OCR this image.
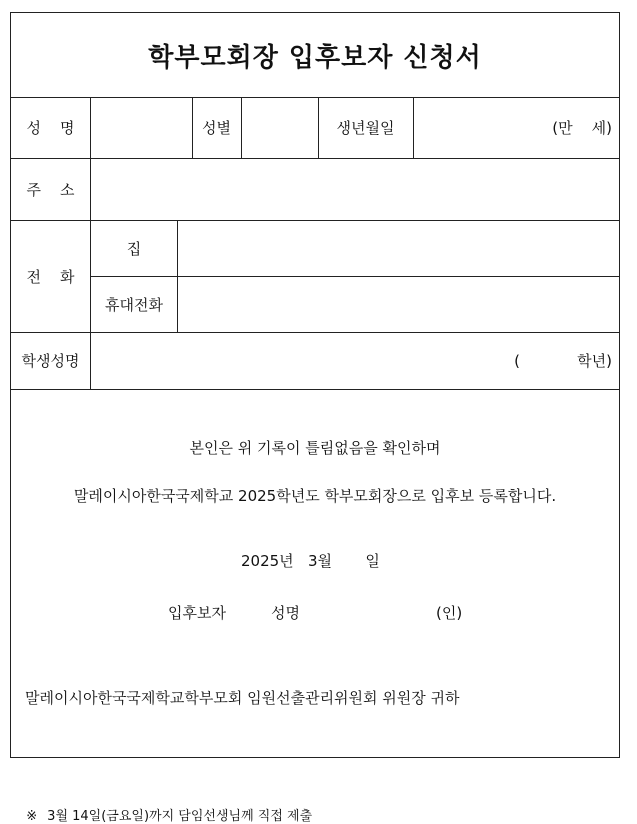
학부모회장 입후보자 신청서
성    명	성별	생년월일	(만    세)
주    소
전    화
집
휴대전화
학생성명	(            학년)
본인은 위 기록이 틀림없음을 확인하며
말레이시아한국국제학교 2025학년도 학부모회장으로 입후보 등록합니다.
2025년   3월       일
입후보자	성명	(인)
말레이시아한국국제학교학부모회 임원선출관리위원회 위원장 귀하

※ 3월 14일(금요일)까지 담임선생님께 직접 제출
